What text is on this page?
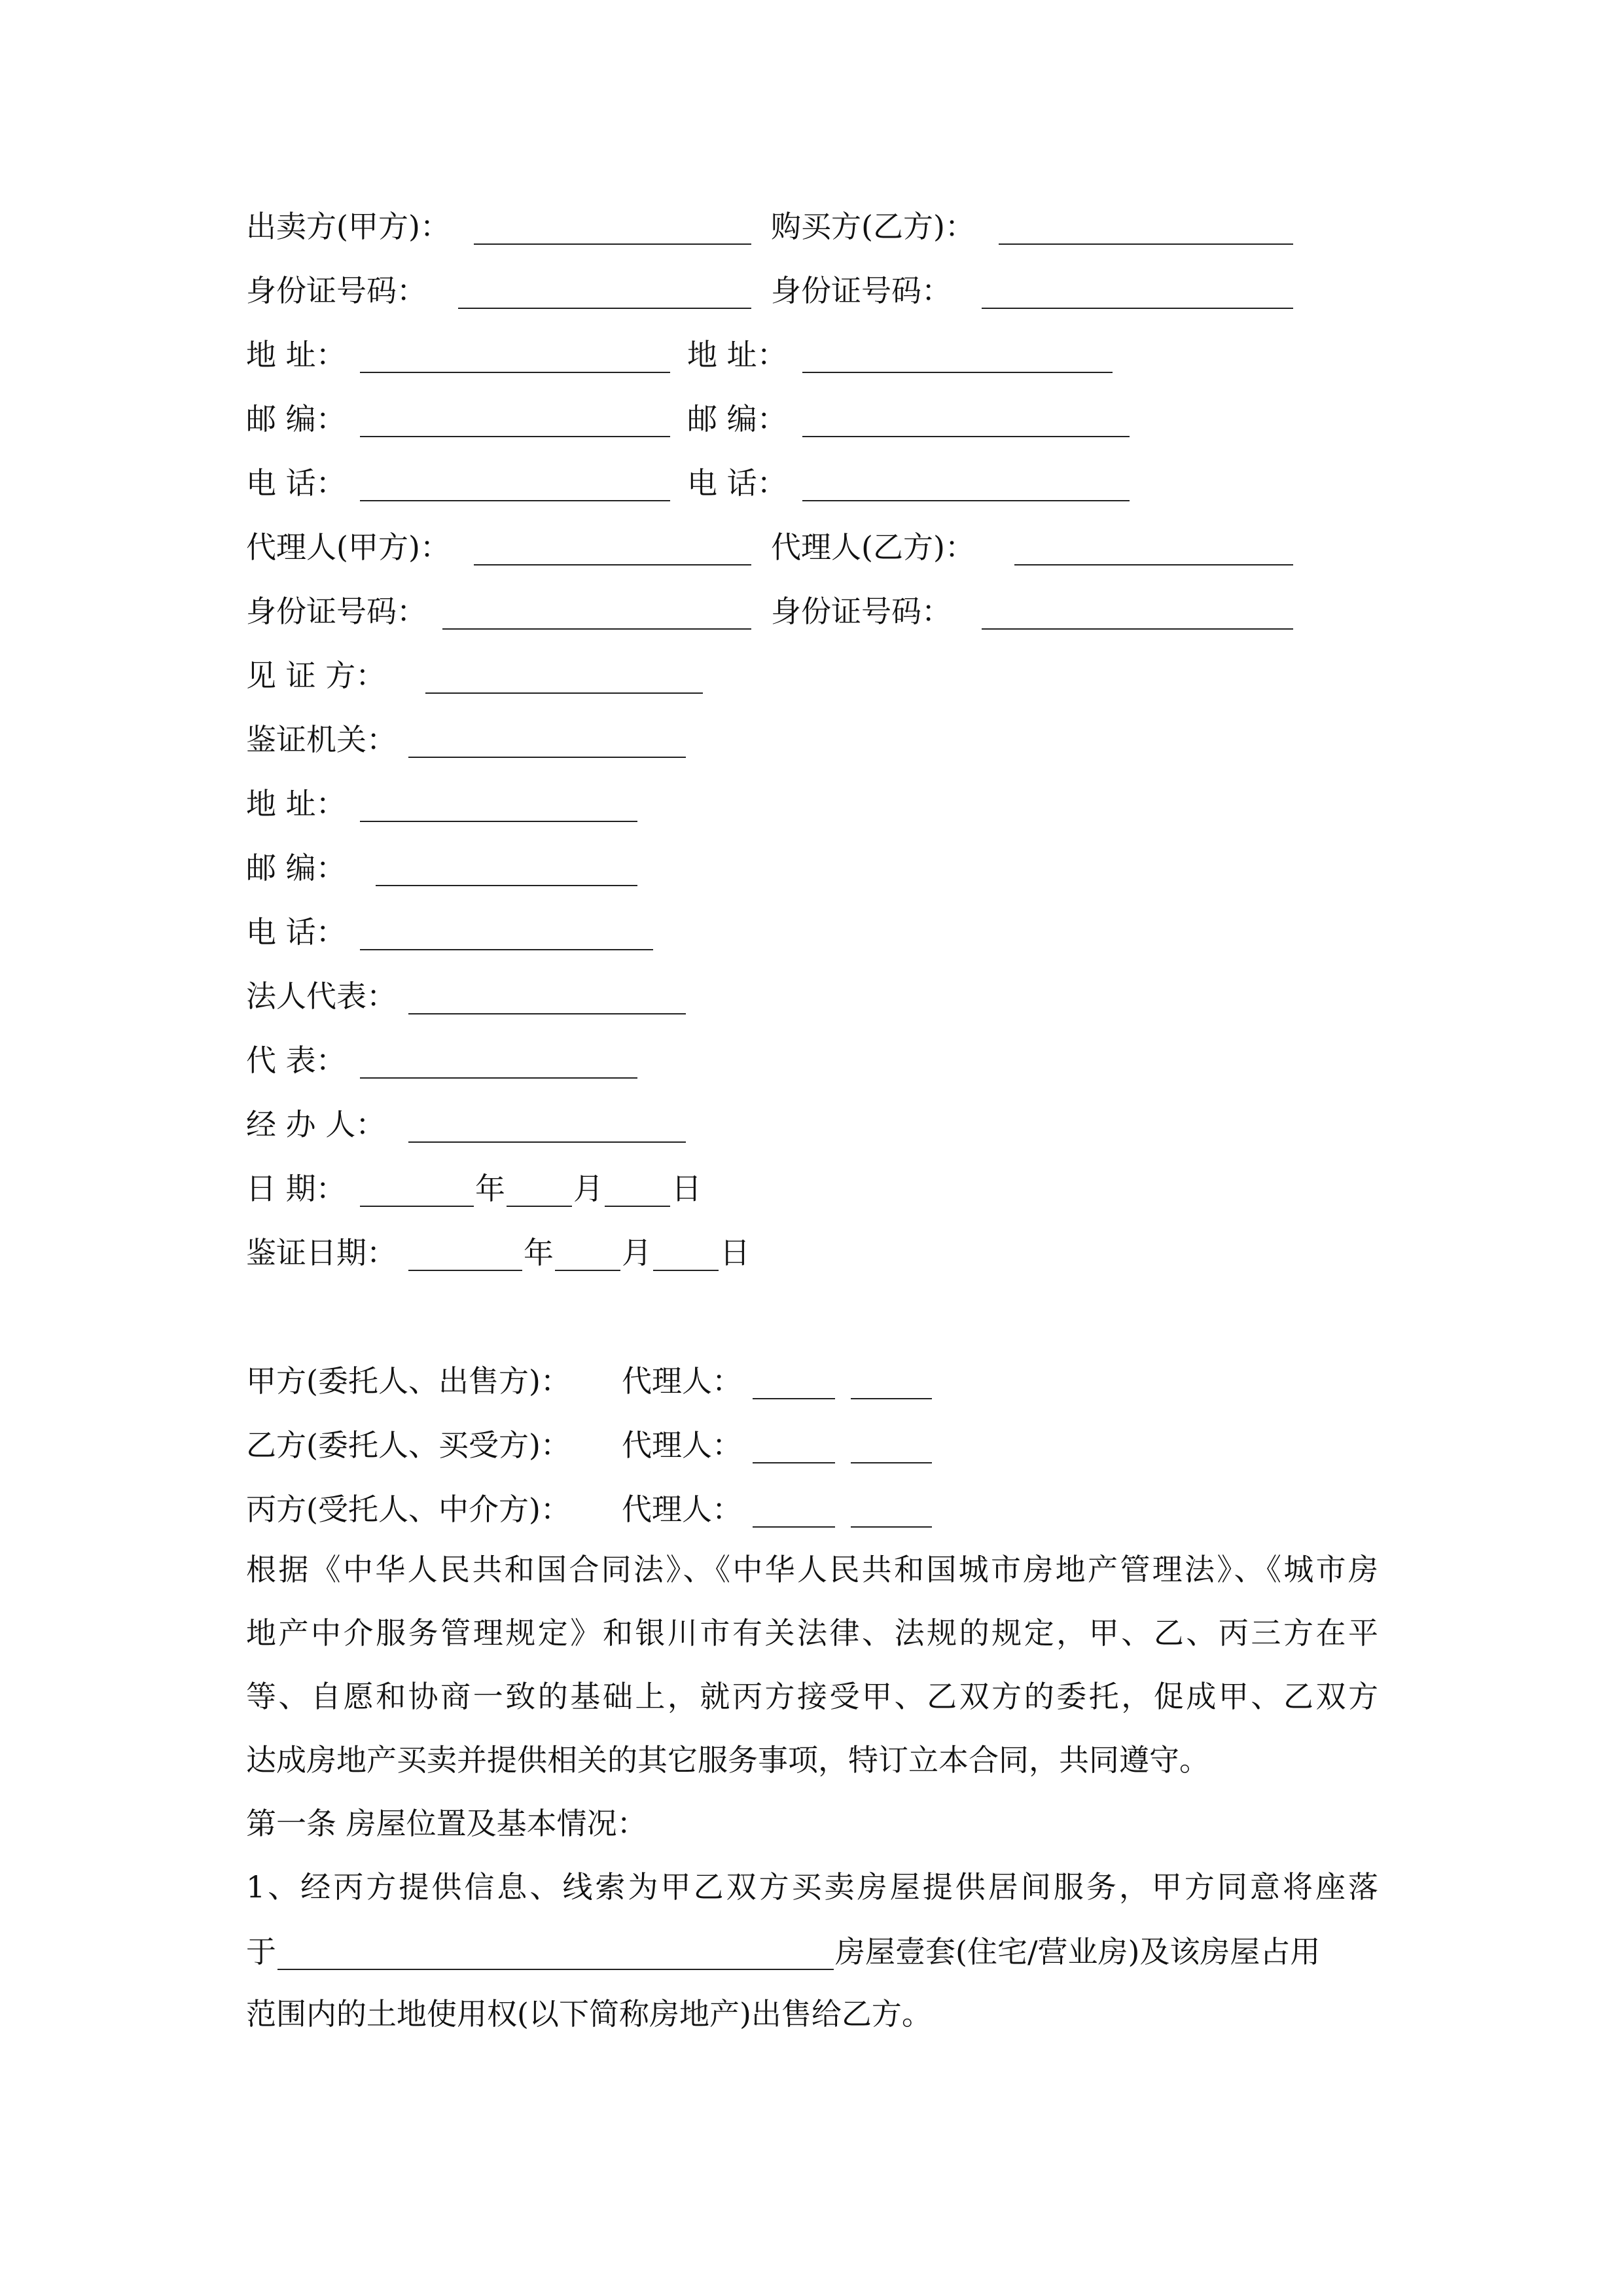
出卖方(甲方)：	购买方(乙方)：
身份证号码：	身份证号码：
地 址：	地 址：
邮 编：	邮 编：
电 话：	电 话：
代理人(甲方)：	代理人(乙方)：
身份证号码：	身份证号码：
见 证 方：
鉴证机关：
地 址：
邮 编：
电 话：
法人代表：
代 表：
经 办 人：
日 期：	年 月 日
鉴证日期：	年 月 日
甲方(委托人、出售方)： 代理人：
乙方(委托人、买受方)： 代理人：
丙方(受托人、中介方)： 代理人：
根据《中华人民共和国合同法》、《中华人民共和国城市房地产管理法》、《城市房
地产中介服务管理规定》和银川市有关法律、法规的规定，甲、乙、丙三方在平
等、自愿和协商一致的基础上，就丙方接受甲、乙双方的委托，促成甲、乙双方
达成房地产买卖并提供相关的其它服务事项，特订立本合同，共同遵守。
第一条 房屋位置及基本情况：
1、经丙方提供信息、线索为甲乙双方买卖房屋提供居间服务，甲方同意将座落
于	房屋壹套(住宅/营业房)及该房屋占用
范围内的土地使用权(以下简称房地产)出售给乙方。
